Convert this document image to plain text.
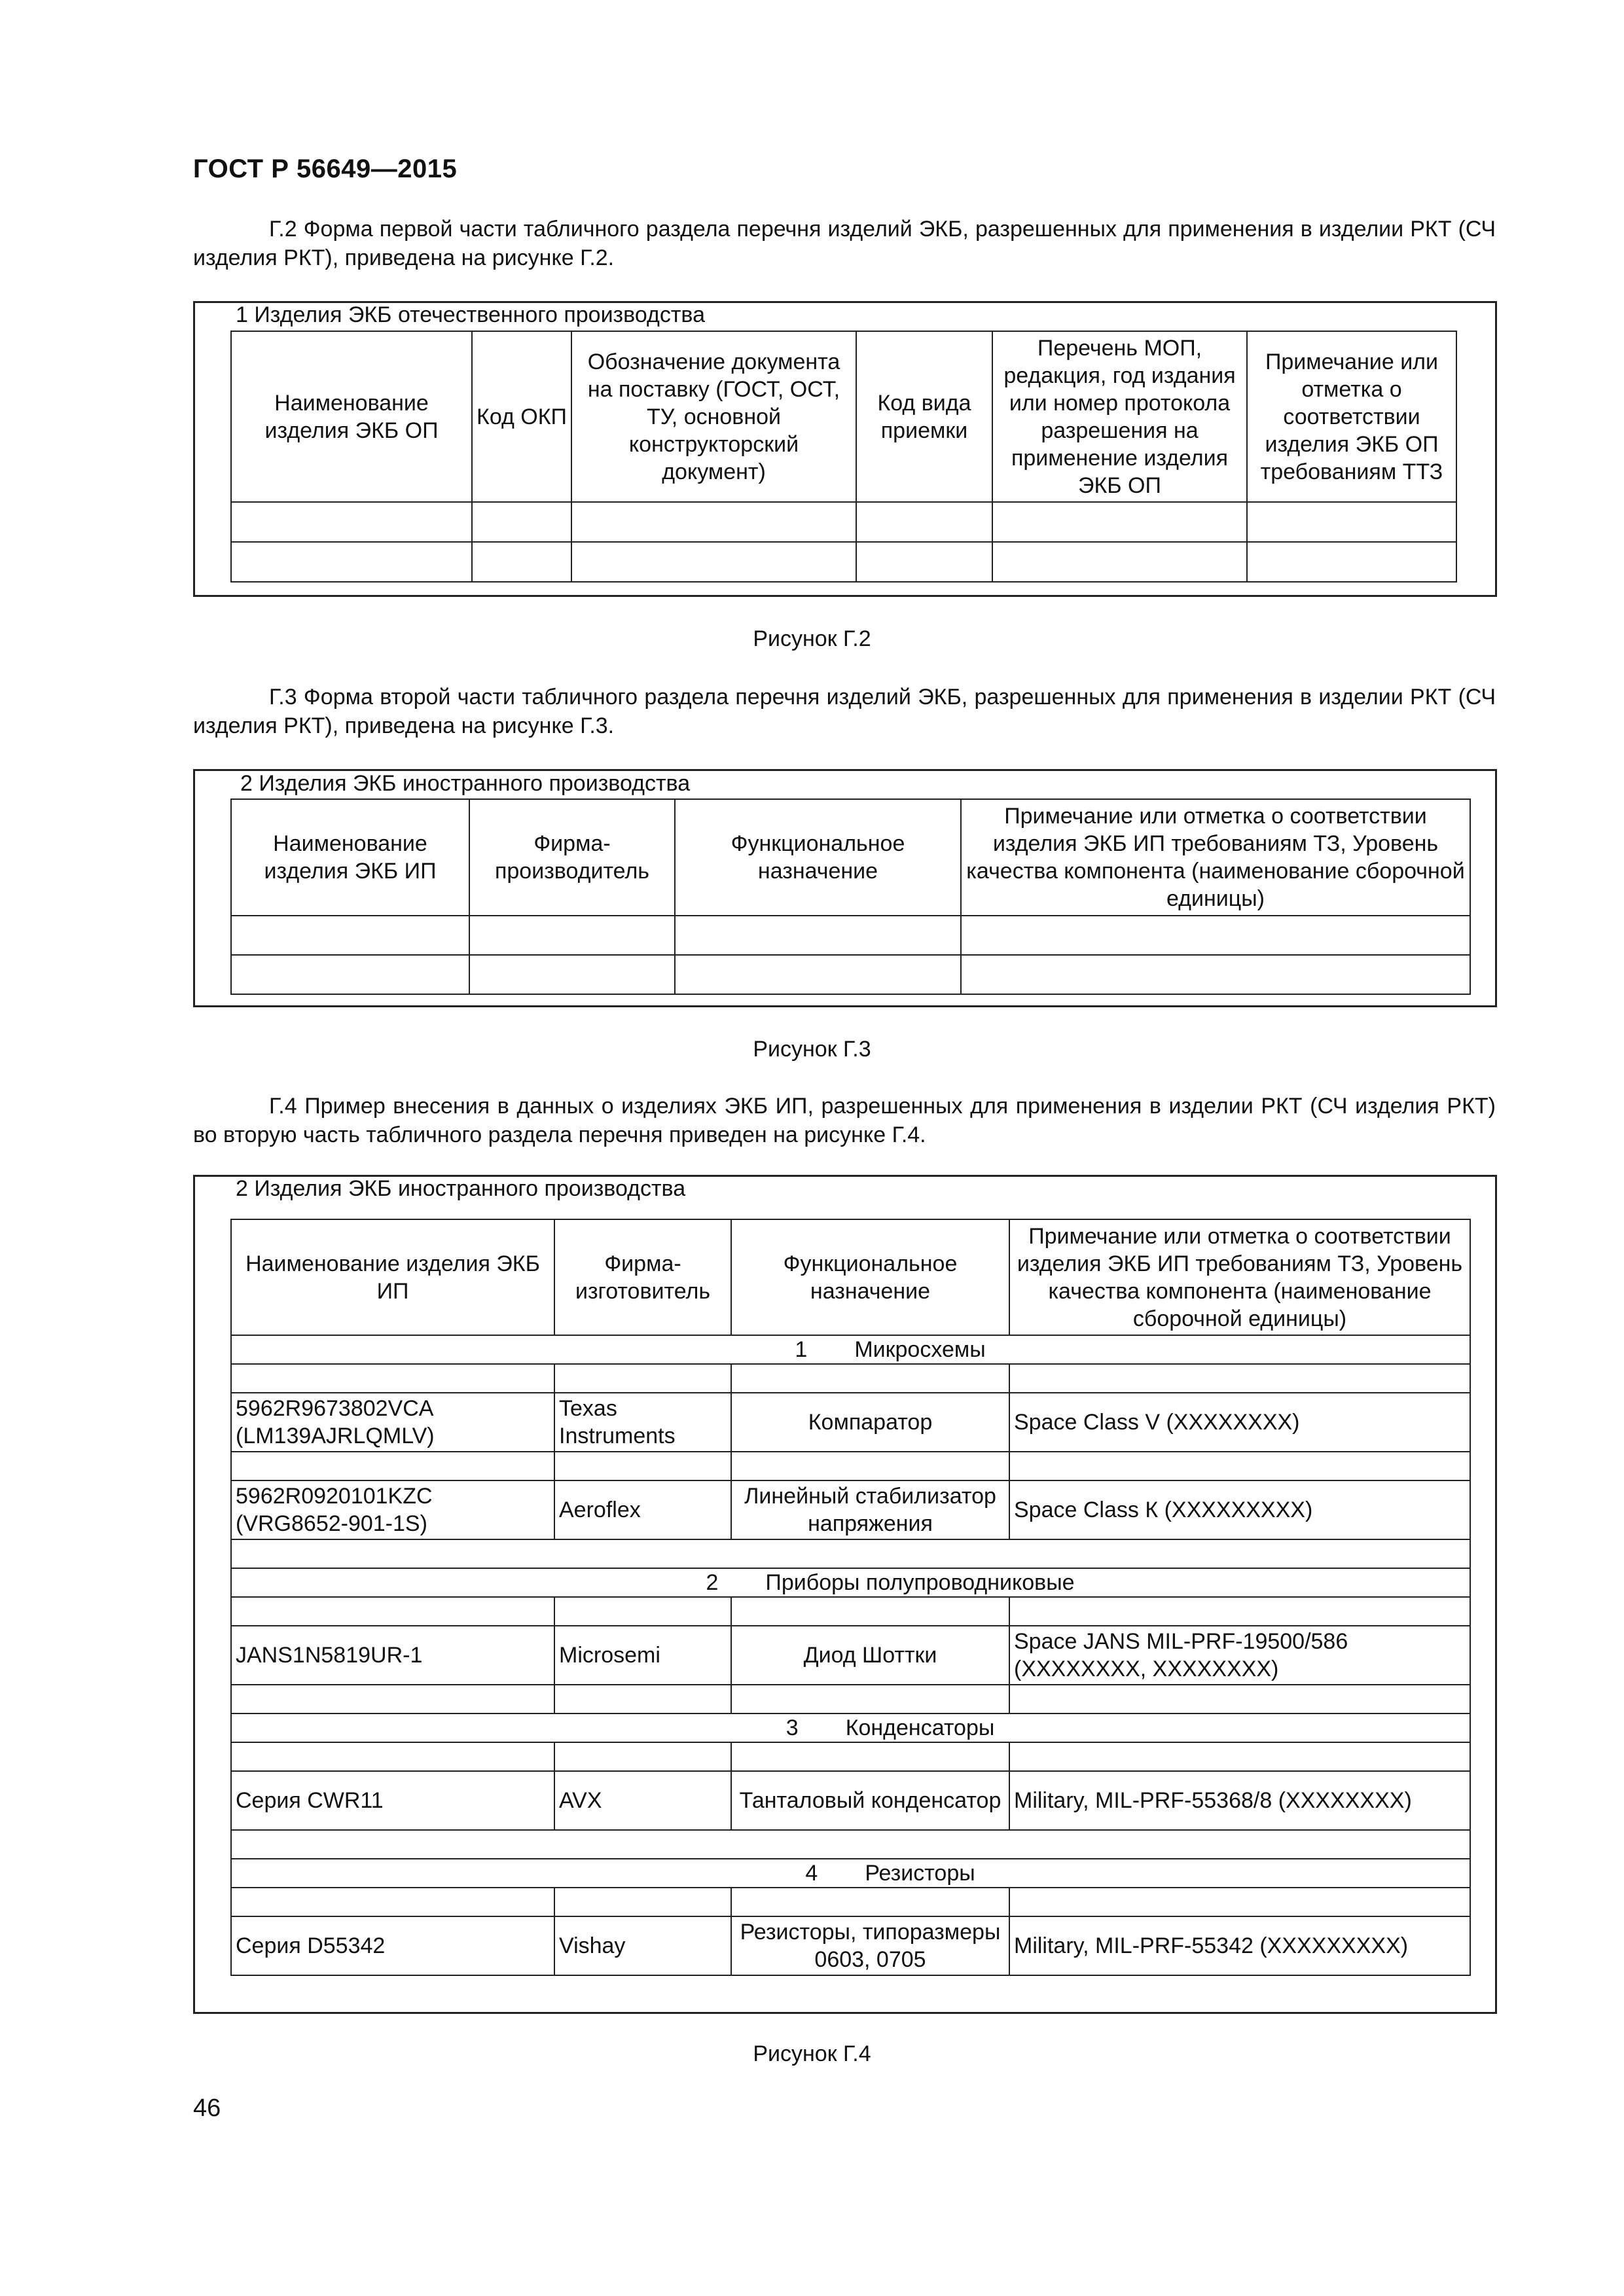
ГОСТ Р 56649—2015

Г.2 Форма первой части табличного раздела перечня изделий ЭКБ, разрешенных для применения в изделии РКТ (СЧ изделия РКТ), приведена на рисунке Г.2.

1 Изделия ЭКБ отечественного производства
Наименование изделия ЭКБ ОП	Код ОКП	Обозначение документа на поставку (ГОСТ, ОСТ, ТУ, основной конструкторский документ)	Код вида приемки	Перечень МОП, редакция, год издания или номер протокола разрешения на применение изделия ЭКБ ОП	Примечание или отметка о соответствии изделия ЭКБ ОП требованиям ТТЗ

Рисунок Г.2

Г.3 Форма второй части табличного раздела перечня изделий ЭКБ, разрешенных для применения в изделии РКТ (СЧ изделия РКТ), приведена на рисунке Г.3.

2 Изделия ЭКБ иностранного производства
Наименование изделия ЭКБ ИП	Фирма-производитель	Функциональное назначение	Примечание или отметка о соответствии изделия ЭКБ ИП требованиям ТЗ, Уровень качества компонента (наименование сборочной единицы)

Рисунок Г.3

Г.4 Пример внесения в данных о изделиях ЭКБ ИП, разрешенных для применения в изделии РКТ (СЧ изделия РКТ) во вторую часть табличного раздела перечня приведен на рисунке Г.4.

2 Изделия ЭКБ иностранного производства
Наименование изделия ЭКБ ИП	Фирма-изготовитель	Функциональное назначение	Примечание или отметка о соответствии изделия ЭКБ ИП требованиям ТЗ, Уровень качества компонента (наименование сборочной единицы)
1 Микросхемы			

5962R9673802VCA (LM139AJRLQMLV)	Texas Instruments	Компаратор	Space Class V (XXXXXXXX)

5962R0920101KZC (VRG8652-901-1S)	Aeroflex	Линейный стабилизатор напряжения	Space Class К (XXXXXXXXX)

2 Приборы полупроводниковые			

JANS1N5819UR-1	Microsemi	Диод Шоттки	Space JANS MIL-PRF-19500/586 (XXXXXXXX, XXXXXXXX)

3 Конденсаторы			

Серия CWR11	AVX	Танталовый конденсатор	Military, MIL-PRF-55368/8 (XXXXXXXX)

4 Резисторы			

Серия D55342	Vishay	Резисторы, типоразмеры 0603, 0705	Military, MIL-PRF-55342 (XXXXXXXXX)
Рисунок Г.4
46
